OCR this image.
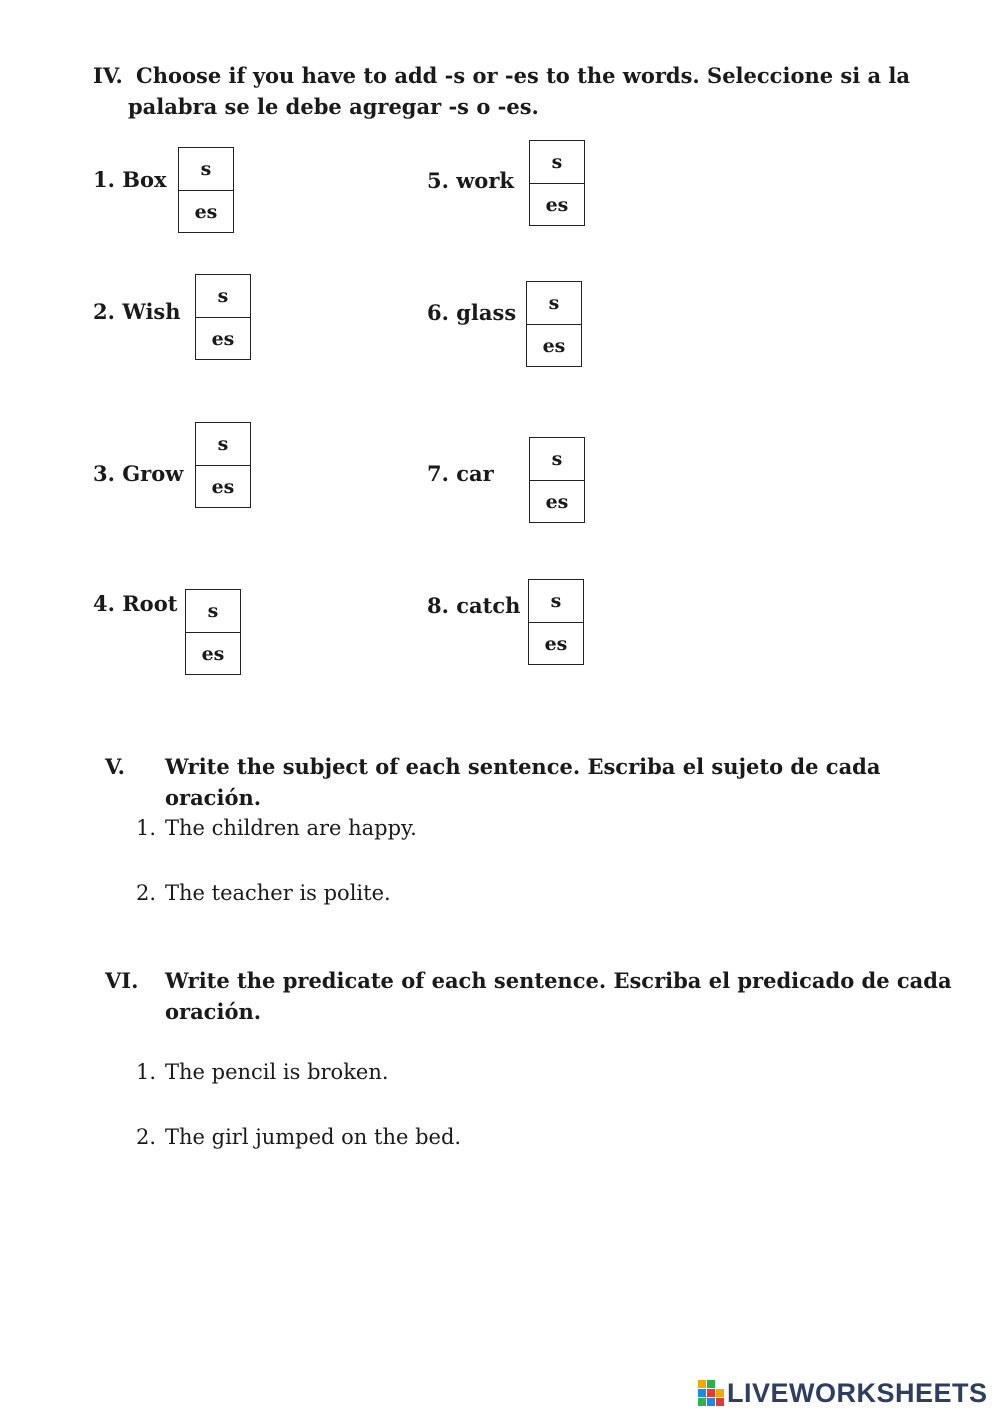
IV. Choose if you have to add -s or -es to the words. Seleccione si a la
palabra se le debe agregar -s o -es.
1. Box	s
es
2. Wish
s
es
3. Grow
s
es
4. Root	s
es
5. work
s
es
6. glass	s
es
7. car
s
es
8. catch	s
es
V. Write the subject of each sentence. Escriba el sujeto de cada
oración.
1. The children are happy.
2. The teacher is polite.
VI. Write the predicate of each sentence. Escriba el predicado de cada
oración.
1. The pencil is broken.
2. The girl jumped on the bed.
LIVEWORKSHEETS
